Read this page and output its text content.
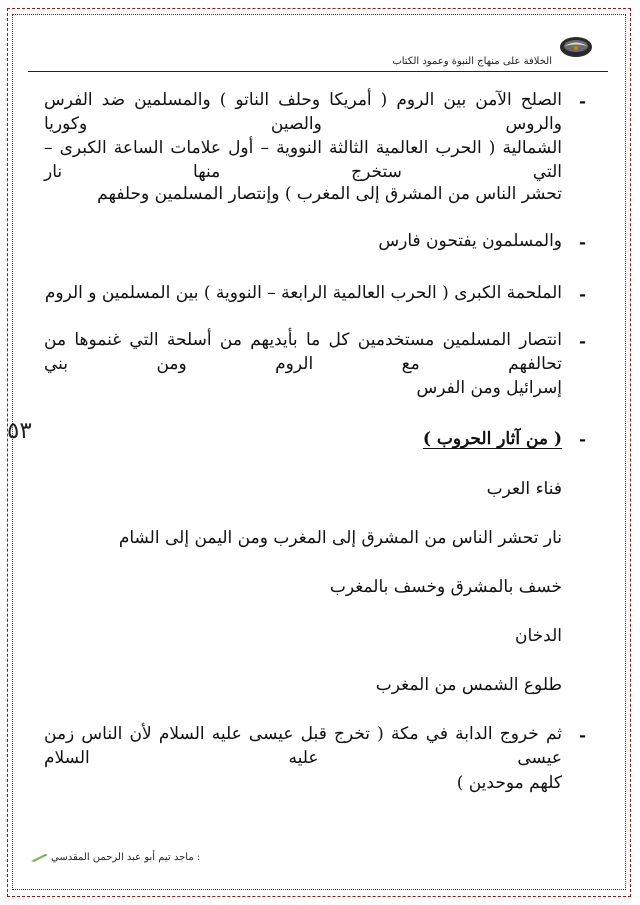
الخلافة على منهاج النبوة وعمود الكتاب
٥٣
-
-
-
-
-
-
الصلح الآمن بين الروم ( أمريكا وحلف الناتو ) والمسلمين ضد الفرس والروس والصين وكوريا
الشمالية ( الحرب العالمية الثالثة النووية – أول علامات الساعة الكبرى – التي ستخرج منها نار
تحشر الناس من المشرق إلى المغرب ) وإنتصار المسلمين وحلفهم
والمسلمون يفتحون فارس
الملحمة الكبرى ( الحرب العالمية الرابعة – النووية ) بين المسلمين و الروم
انتصار المسلمين مستخدمين كل ما بأيديهم من أسلحة التي غنموها من تحالفهم مع الروم ومن بني
إسرائيل ومن الفرس
( من آثار الحروب )
فناء العرب
نار تحشر الناس من المشرق إلى المغرب ومن اليمن إلى الشام
خسف بالمشرق وخسف بالمغرب
الدخان
طلوع الشمس من المغرب
ثم خروج الدابة في مكة ( تخرج قبل عيسى عليه السلام لأن الناس زمن عيسى عليه السلام
كلهم موحدين )
: ماجد تيم أبو عبد الرحمن المقدسي
